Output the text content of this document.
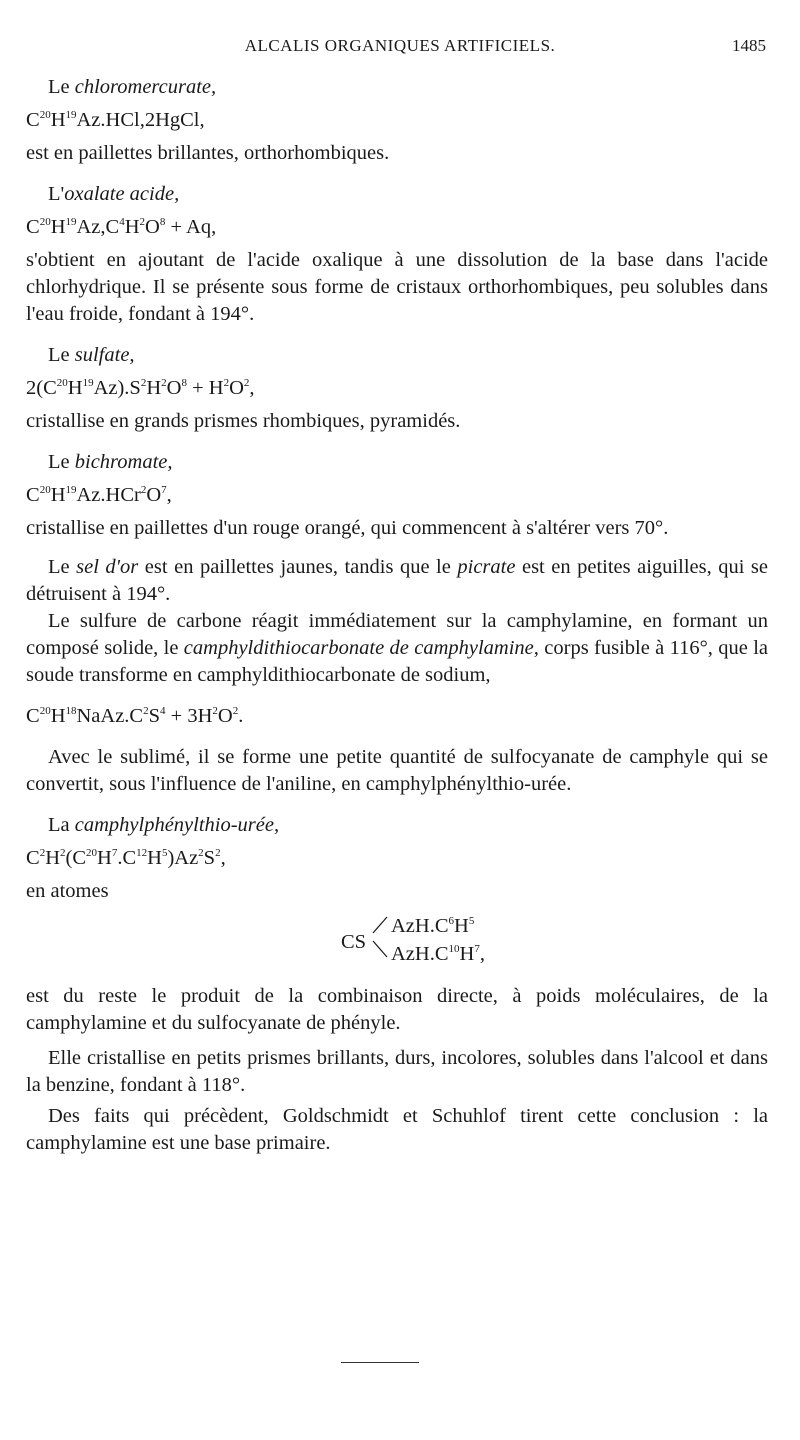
ALCALIS ORGANIQUES ARTIFICIELS.	1485

Le chloromercurate,

$C^{20}H^{19}Az.HCl,2HgCl$,

est en paillettes brillantes, orthorhombiques.

L'oxalate acide,

$C^{20}H^{19}Az,C^4H^2O^8 + Aq$,

s'obtient en ajoutant de l'acide oxalique à une dissolution de la base dans l'acide chlorhydrique. Il se présente sous forme de cristaux orthorhombiques, peu solubles dans l'eau froide, fondant à 194°.

Le sulfate,

$2(C^{20}H^{19}Az).S^2H^2O^8 + H^2O^2$,

cristallise en grands prismes rhombiques, pyramidés.

Le bichromate,

$C^{20}H^{19}Az.HCr^2O^7$,

cristallise en paillettes d'un rouge orangé, qui commencent à s'altérer vers 70°.

Le sel d'or est en paillettes jaunes, tandis que le picrate est en petites aiguilles, qui se détruisent à 194°.

Le sulfure de carbone réagit immédiatement sur la camphylamine, en formant un composé solide, le camphyldithiocarbonate de camphylamine, corps fusible à 116°, que la soude transforme en camphyldithiocarbonate de sodium,

$C^{20}H^{18}NaAz.C^2S^4 + 3H^2O^2$.

Avec le sublimé, il se forme une petite quantité de sulfocyanate de camphyle qui se convertit, sous l'influence de l'aniline, en camphylphénylthio-urée.

La camphylphénylthio-urée,

$C^2H^2(C^{20}H^7.C^{12}H^5)Az^2S^2$,

en atomes

CS
$AzH.C^6H^5$
$AzH.C^{10}H^7$,

est du reste le produit de la combinaison directe, à poids moléculaires, de la camphylamine et du sulfocyanate de phényle.

Elle cristallise en petits prismes brillants, durs, incolores, solubles dans l'alcool et dans la benzine, fondant à 118°.

Des faits qui précèdent, Goldschmidt et Schuhlof tirent cette conclusion : la camphylamine est une base primaire.
